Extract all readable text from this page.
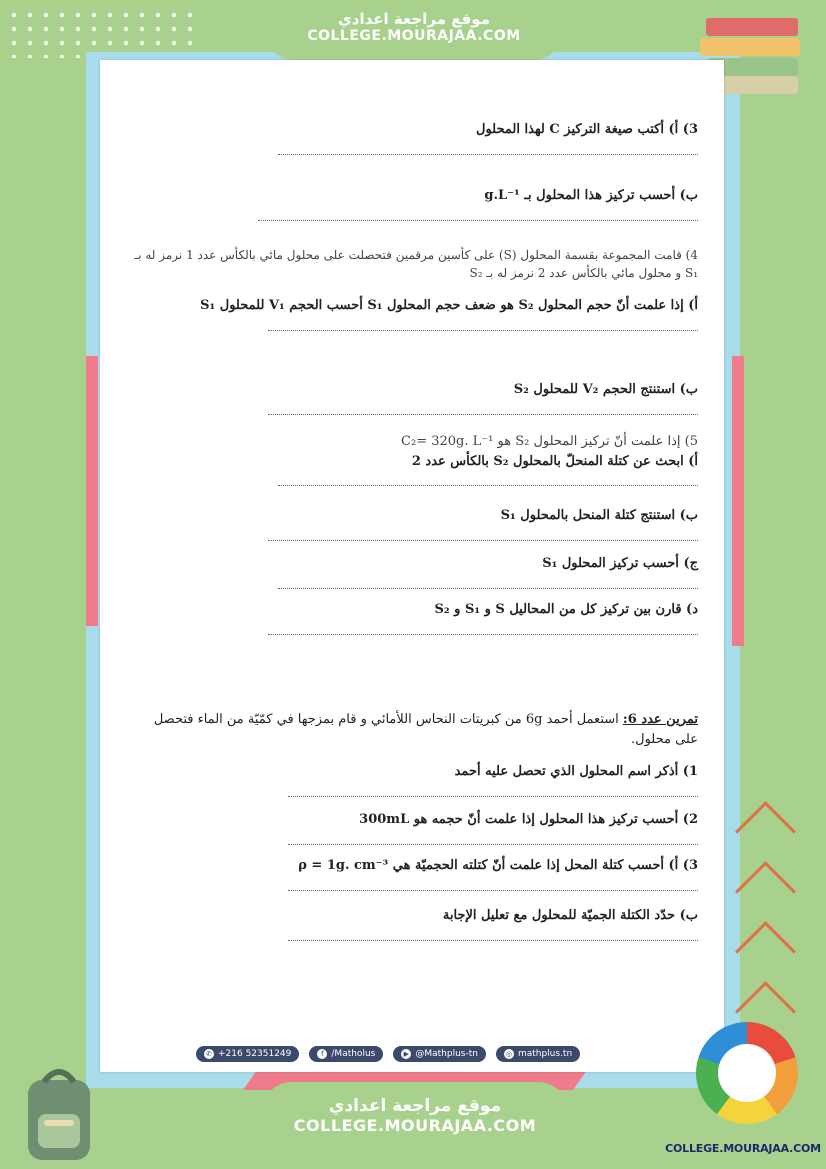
موقع مراجعة اعدادي
COLLEGE.MOURAJAA.COM
3) أ) أكتب صيغة التركيز C لهذا المحلول
ب) أحسب تركيز هذا المحلول بـ g.L⁻¹
4) قامت المجموعة بقسمة المحلول (S) على كأسين مرقمين فتحصلت على محلول مائي بالكأس عدد 1 نرمز له بـ S₁ و محلول مائي بالكأس عدد 2 نرمز له بـ S₂
أ) إذا علمت أنّ حجم المحلول S₂ هو ضعف حجم المحلول S₁ أحسب الحجم V₁ للمحلول S₁
ب) استنتج الحجم V₂ للمحلول S₂
5) إذا علمت أنّ تركيز المحلول S₂ هو C₂= 320g. L⁻¹
أ) ابحث عن كتلة المنحلّ بالمحلول S₂ بالكأس عدد 2
ب) استنتج كتلة المنحل بالمحلول S₁
ج) أحسب تركيز المحلول S₁
د) قارن بين تركيز كل من المحاليل S و S₁ و S₂
تمرين عدد 6: استعمل أحمد 6g من كبريتات النحاس اللأمائي و قام بمزجها في كمّيّة من الماء فتحصل على محلول.
1) أذكر اسم المحلول الذي تحصل عليه أحمد
2) أحسب تركيز هذا المحلول إذا علمت أنّ حجمه هو 300mL
3) أ) أحسب كتلة المحل إذا علمت أنّ كتلته الحجميّة هي ρ = 1g. cm⁻³
ب) حدّد الكتلة الجميّة للمحلول مع تعليل الإجابة
✆ +216 52351249	f /Matholus	▶ @Mathplus-tn	◎ mathplus.tn
COLLEGE.MOURAJAA.COM
موقع مراجعة اعدادي
COLLEGE.MOURAJAA.COM
